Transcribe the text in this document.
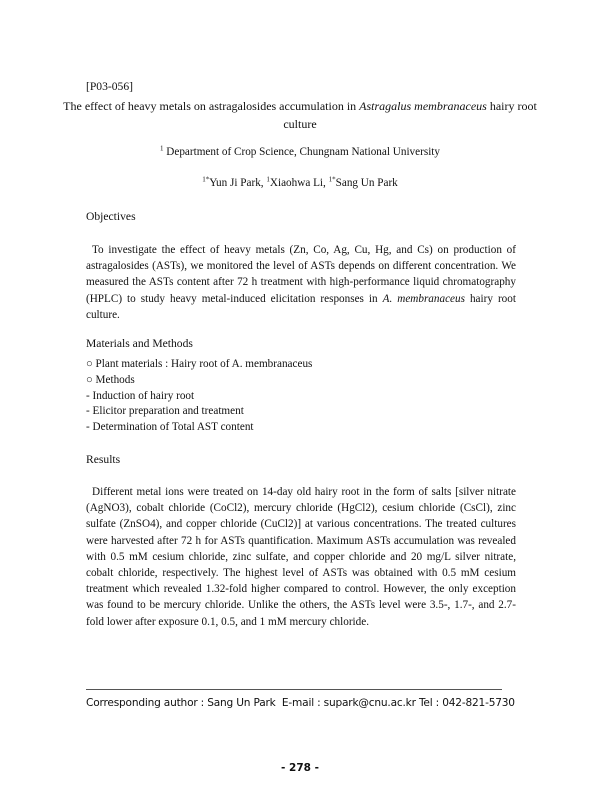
[P03-056]
The effect of heavy metals on astragalosides accumulation in Astragalus membranaceus hairy root culture
$^1$ Department of Crop Science, Chungnam National University
$^{1*}$Yun Ji Park, $^1$Xiaohwa Li, $^{1*}$Sang Un Park
Objectives
To investigate the effect of heavy metals (Zn, Co, Ag, Cu, Hg, and Cs) on production of astragalosides (ASTs), we monitored the level of ASTs depends on different concentration. We measured the ASTs content after 72 h treatment with high-performance liquid chromatography (HPLC) to study heavy metal-induced elicitation responses in A. membranaceus hairy root culture.
Materials and Methods
○ Plant materials : Hairy root of A. membranaceus
○ Methods
- Induction of hairy root
- Elicitor preparation and treatment
- Determination of Total AST content
Results
Different metal ions were treated on 14-day old hairy root in the form of salts [silver nitrate (AgNO3), cobalt chloride (CoCl2), mercury chloride (HgCl2), cesium chloride (CsCl), zinc sulfate (ZnSO4), and copper chloride (CuCl2)] at various concentrations. The treated cultures were harvested after 72 h for ASTs quantification. Maximum ASTs accumulation was revealed with 0.5 mM cesium chloride, zinc sulfate, and copper chloride and 20 mg/L silver nitrate, cobalt chloride, respectively. The highest level of ASTs was obtained with 0.5 mM cesium treatment which revealed 1.32-fold higher compared to control. However, the only exception was found to be mercury chloride. Unlike the others, the ASTs level were 3.5-, 1.7-, and 2.7-fold lower after exposure 0.1, 0.5, and 1 mM mercury chloride.
Corresponding author : Sang Un Park E-mail : supark@cnu.ac.kr Tel : 042-821-5730
- 278 -
